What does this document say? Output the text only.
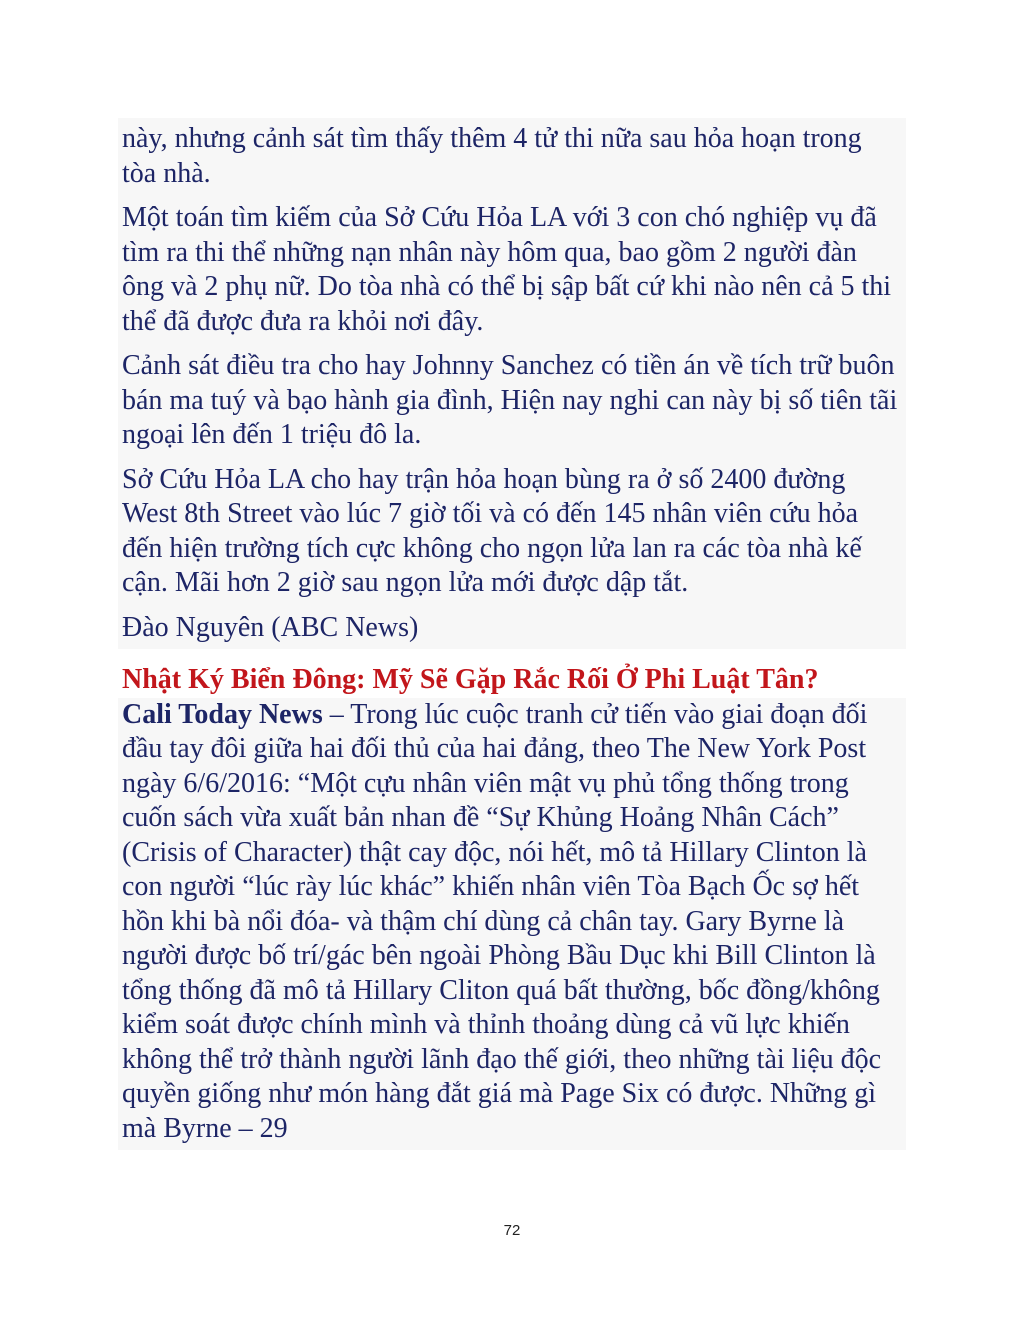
này, nhưng cảnh sát tìm thấy thêm 4 tử thi nữa sau hỏa hoạn trong tòa nhà.

Một toán tìm kiếm của Sở Cứu Hỏa LA với 3 con chó nghiệp vụ đã tìm ra thi thể những nạn nhân này hôm qua, bao gồm 2 người đàn ông và 2 phụ nữ. Do tòa nhà có thể bị sập bất cứ khi nào nên cả 5 thi thể đã được đưa ra khỏi nơi đây.

Cảnh sát điều tra cho hay Johnny Sanchez có tiền án về tích trữ buôn bán ma tuý và bạo hành gia đình, Hiện nay nghi can này bị số tiên tãi ngoại lên đến 1 triệu đô la.

Sở Cứu Hỏa LA cho hay trận hỏa hoạn bùng ra ở số 2400 đường West 8th Street vào lúc 7 giờ tối và có đến 145 nhân viên cứu hỏa đến hiện trường tích cực không cho ngọn lửa lan ra các tòa nhà kế cận. Mãi hơn 2 giờ sau ngọn lửa mới được dập tắt.

Đào Nguyên (ABC News)

Nhật Ký Biển Đông: Mỹ Sẽ Gặp Rắc Rối Ở Phi Luật Tân?

Cali Today News – Trong lúc cuộc tranh cử tiến vào giai đoạn đối đầu tay đôi giữa hai đối thủ của hai đảng, theo The New York Post ngày 6/6/2016: “Một cựu nhân viên mật vụ phủ tổng thống trong cuốn sách vừa xuất bản nhan đề “Sự Khủng Hoảng Nhân Cách” (Crisis of Character) thật cay độc, nói hết, mô tả Hillary Clinton là con người “lúc rày lúc khác” khiến nhân viên Tòa Bạch Ốc sợ hết hồn khi bà nổi đóa- và thậm chí dùng cả chân tay. Gary Byrne là người được bố trí/gác bên ngoài Phòng Bầu Dục khi Bill Clinton là tổng thống đã mô tả Hillary Cliton quá bất thường, bốc đồng/không kiểm soát được chính mình và thỉnh thoảng dùng cả vũ lực khiến không thể trở thành người lãnh đạo thế giới, theo những tài liệu độc quyền giống như món hàng đắt giá mà Page Six có được. Những gì mà Byrne – 29

72
